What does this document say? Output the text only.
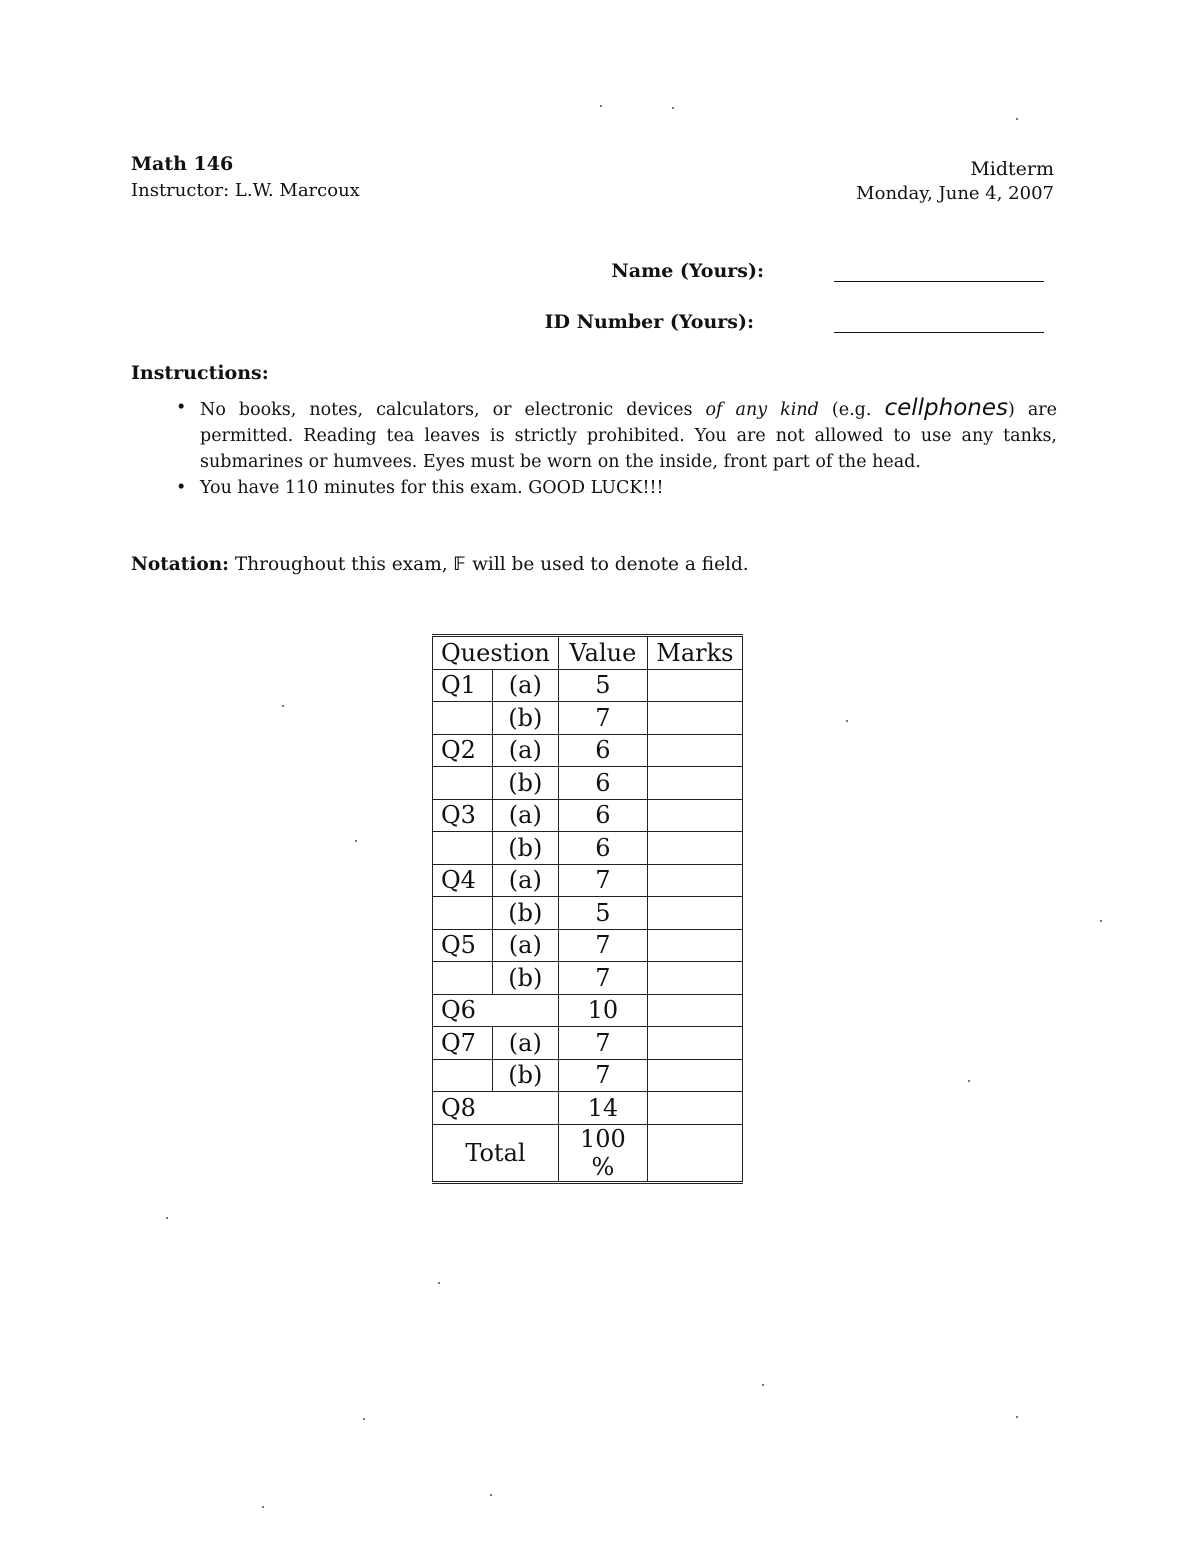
Math 146
Instructor: L.W. Marcoux
Midterm
Monday, June 4, 2007
Name (Yours):
ID Number (Yours):
Instructions:
• No books, notes, calculators, or electronic devices of any kind (e.g. cellphones) are permitted. Reading tea leaves is strictly prohibited. You are not allowed to use any tanks, submarines or humvees. Eyes must be worn on the inside, front part of the head.
• You have 110 minutes for this exam. GOOD LUCK!!!
Notation: Throughout this exam, 𝔽 will be used to denote a field.
Question		Value	Marks
Q1	(a)	5	
	(b)	7	
Q2	(a)	6	
	(b)	6	
Q3	(a)	6	
	(b)	6	
Q4	(a)	7	
	(b)	5	
Q5	(a)	7	
	(b)	7	
Q6		10	
Q7	(a)	7	
	(b)	7	
Q8		14	
Total		100 %	
